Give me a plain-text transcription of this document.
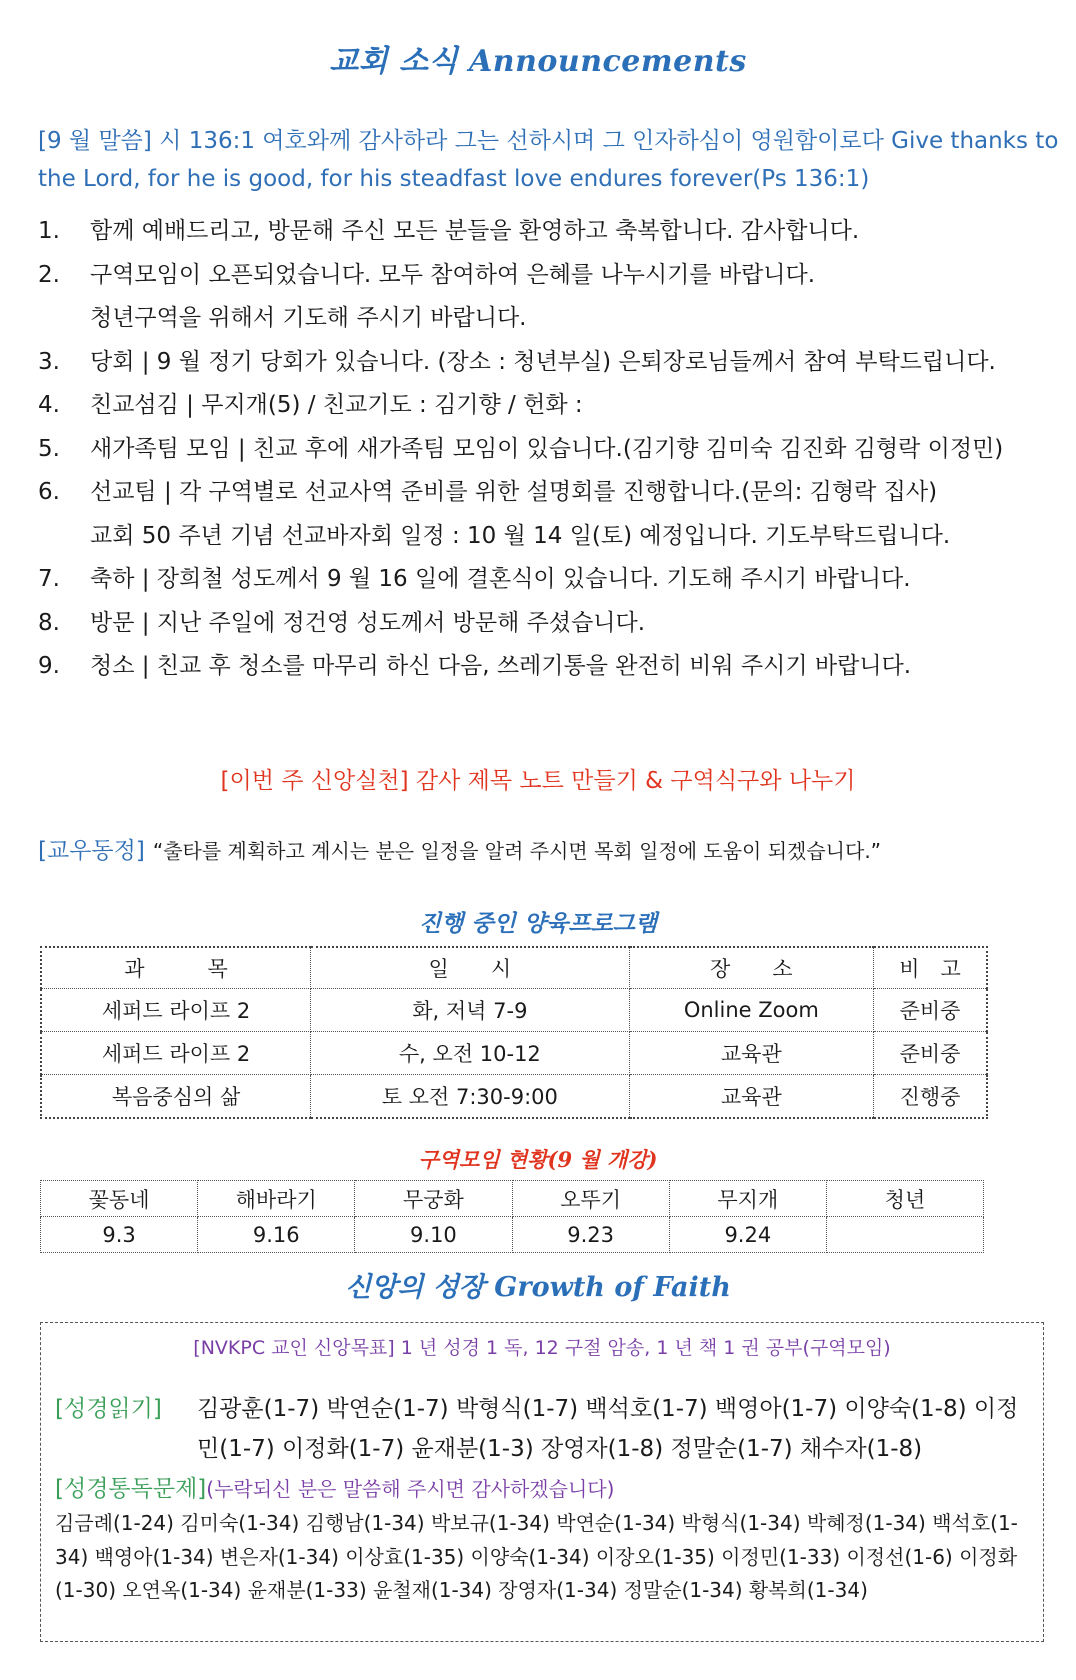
교회 소식 Announcements

[9 월 말씀] 시 136:1 여호와께 감사하라 그는 선하시며 그 인자하심이 영원함이로다 Give thanks to the Lord, for he is good, for his steadfast love endures forever(Ps 136:1)

1. 함께 예배드리고, 방문해 주신 모든 분들을 환영하고 축복합니다. 감사합니다.
2. 구역모임이 오픈되었습니다. 모두 참여하여 은혜를 나누시기를 바랍니다.
청년구역을 위해서 기도해 주시기 바랍니다.
3. 당회 | 9 월 정기 당회가 있습니다. (장소 : 청년부실) 은퇴장로님들께서 참여 부탁드립니다.
4. 친교섬김 | 무지개(5) / 친교기도 : 김기향 / 헌화 :
5. 새가족팀 모임 | 친교 후에 새가족팀 모임이 있습니다.(김기향 김미숙 김진화 김형락 이정민)
6. 선교팀 | 각 구역별로 선교사역 준비를 위한 설명회를 진행합니다.(문의: 김형락 집사)
교회 50 주년 기념 선교바자회 일정 : 10 월 14 일(토) 예정입니다. 기도부탁드립니다.
7. 축하 | 장희철 성도께서 9 월 16 일에 결혼식이 있습니다. 기도해 주시기 바랍니다.
8. 방문 | 지난 주일에 정건영 성도께서 방문해 주셨습니다.
9. 청소 | 친교 후 청소를 마무리 하신 다음, 쓰레기통을 완전히 비워 주시기 바랍니다.

[이번 주 신앙실천] 감사 제목 노트 만들기 & 구역식구와 나누기

[교우동정] “출타를 계획하고 계시는 분은 일정을 알려 주시면 목회 일정에 도움이 되겠습니다.”

진행 중인 양육프로그램
과　　　목	일　　시	장　　소	비　고
세퍼드 라이프 2	화, 저녁 7-9	Online Zoom	준비중
세퍼드 라이프 2	수, 오전 10-12	교육관	준비중
복음중심의 삶	토 오전 7:30-9:00	교육관	진행중
구역모임 현황(9 월 개강)
꽃동네	해바라기	무궁화	오뚜기	무지개	청년
9.3	9.16	9.10	9.23	9.24	
신앙의 성장 Growth of Faith

[NVKPC 교인 신앙목표] 1 년 성경 1 독, 12 구절 암송, 1 년 책 1 권 공부(구역모임)

[성경읽기] 김광훈(1-7) 박연순(1-7) 박형식(1-7) 백석호(1-7) 백영아(1-7) 이양숙(1-8) 이정민(1-7) 이정화(1-7) 윤재분(1-3) 장영자(1-8) 정말순(1-7) 채수자(1-8)

[성경통독문제](누락되신 분은 말씀해 주시면 감사하겠습니다)

김금례(1-24) 김미숙(1-34) 김행남(1-34) 박보규(1-34) 박연순(1-34) 박형식(1-34) 박혜정(1-34) 백석호(1-34) 백영아(1-34) 변은자(1-34) 이상효(1-35) 이양숙(1-34) 이장오(1-35) 이정민(1-33) 이정선(1-6) 이정화 (1-30) 오연옥(1-34) 윤재분(1-33) 윤철재(1-34) 장영자(1-34) 정말순(1-34) 황복희(1-34)
